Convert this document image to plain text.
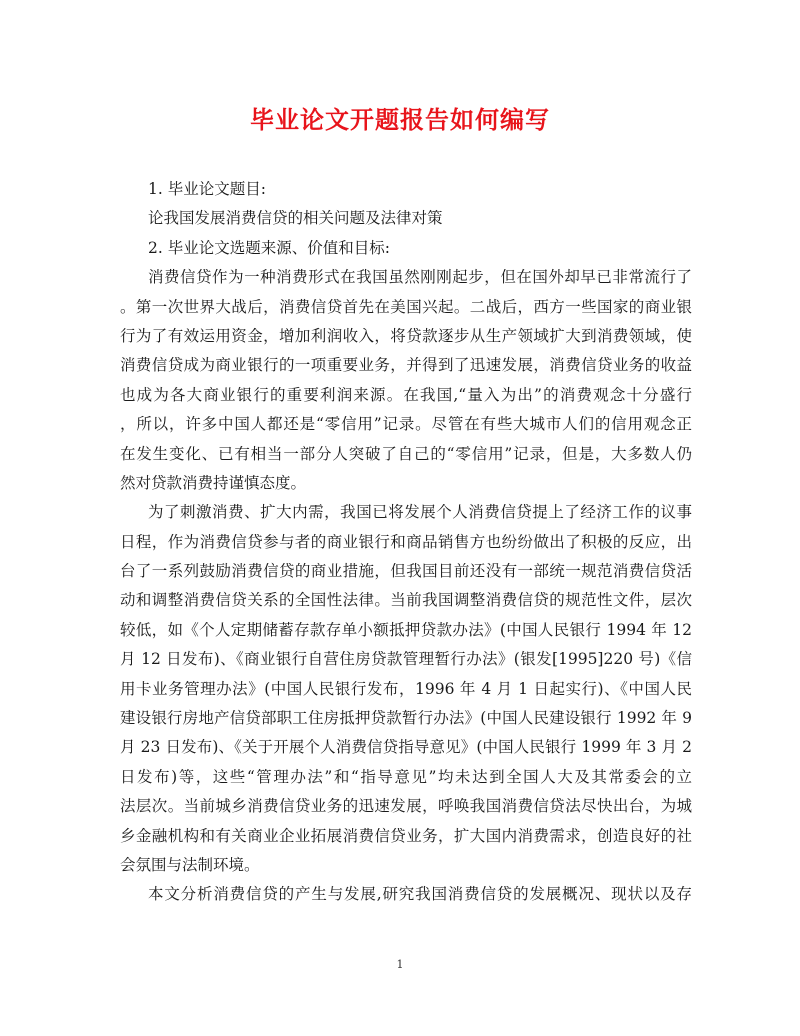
毕业论文开题报告如何编写
1. 毕业论文题目:
论我国发展消费信贷的相关问题及法律对策
2. 毕业论文选题来源、价值和目标:
消费信贷作为一种消费形式在我国虽然刚刚起步，但在国外却早已非常流行了
。第一次世界大战后，消费信贷首先在美国兴起。二战后，西方一些国家的商业银
行为了有效运用资金，增加利润收入，将贷款逐步从生产领域扩大到消费领域，使
消费信贷成为商业银行的一项重要业务，并得到了迅速发展，消费信贷业务的收益
也成为各大商业银行的重要利润来源。在我国,“量入为出”的消费观念十分盛行
，所以，许多中国人都还是“零信用”记录。尽管在有些大城市人们的信用观念正
在发生变化、已有相当一部分人突破了自己的“零信用”记录，但是，大多数人仍
然对贷款消费持谨慎态度。
为了刺激消费、扩大内需，我国已将发展个人消费信贷提上了经济工作的议事
日程，作为消费信贷参与者的商业银行和商品销售方也纷纷做出了积极的反应，出
台了一系列鼓励消费信贷的商业措施，但我国目前还没有一部统一规范消费信贷活
动和调整消费信贷关系的全国性法律。当前我国调整消费信贷的规范性文件，层次
较低，如《个人定期储蓄存款存单小额抵押贷款办法》(中国人民银行 1994 年 12
月 12 日发布)、《商业银行自营住房贷款管理暂行办法》(银发[1995]220 号)《信
用卡业务管理办法》(中国人民银行发布，1996 年 4 月 1 日起实行)、《中国人民
建设银行房地产信贷部职工住房抵押贷款暂行办法》(中国人民建设银行 1992 年 9
月 23 日发布)、《关于开展个人消费信贷指导意见》(中国人民银行 1999 年 3 月 2
日发布)等，这些“管理办法”和“指导意见”均未达到全国人大及其常委会的立
法层次。当前城乡消费信贷业务的迅速发展，呼唤我国消费信贷法尽快出台，为城
乡金融机构和有关商业企业拓展消费信贷业务，扩大国内消费需求，创造良好的社
会氛围与法制环境。
本文分析消费信贷的产生与发展,研究我国消费信贷的发展概况、现状以及存
1
